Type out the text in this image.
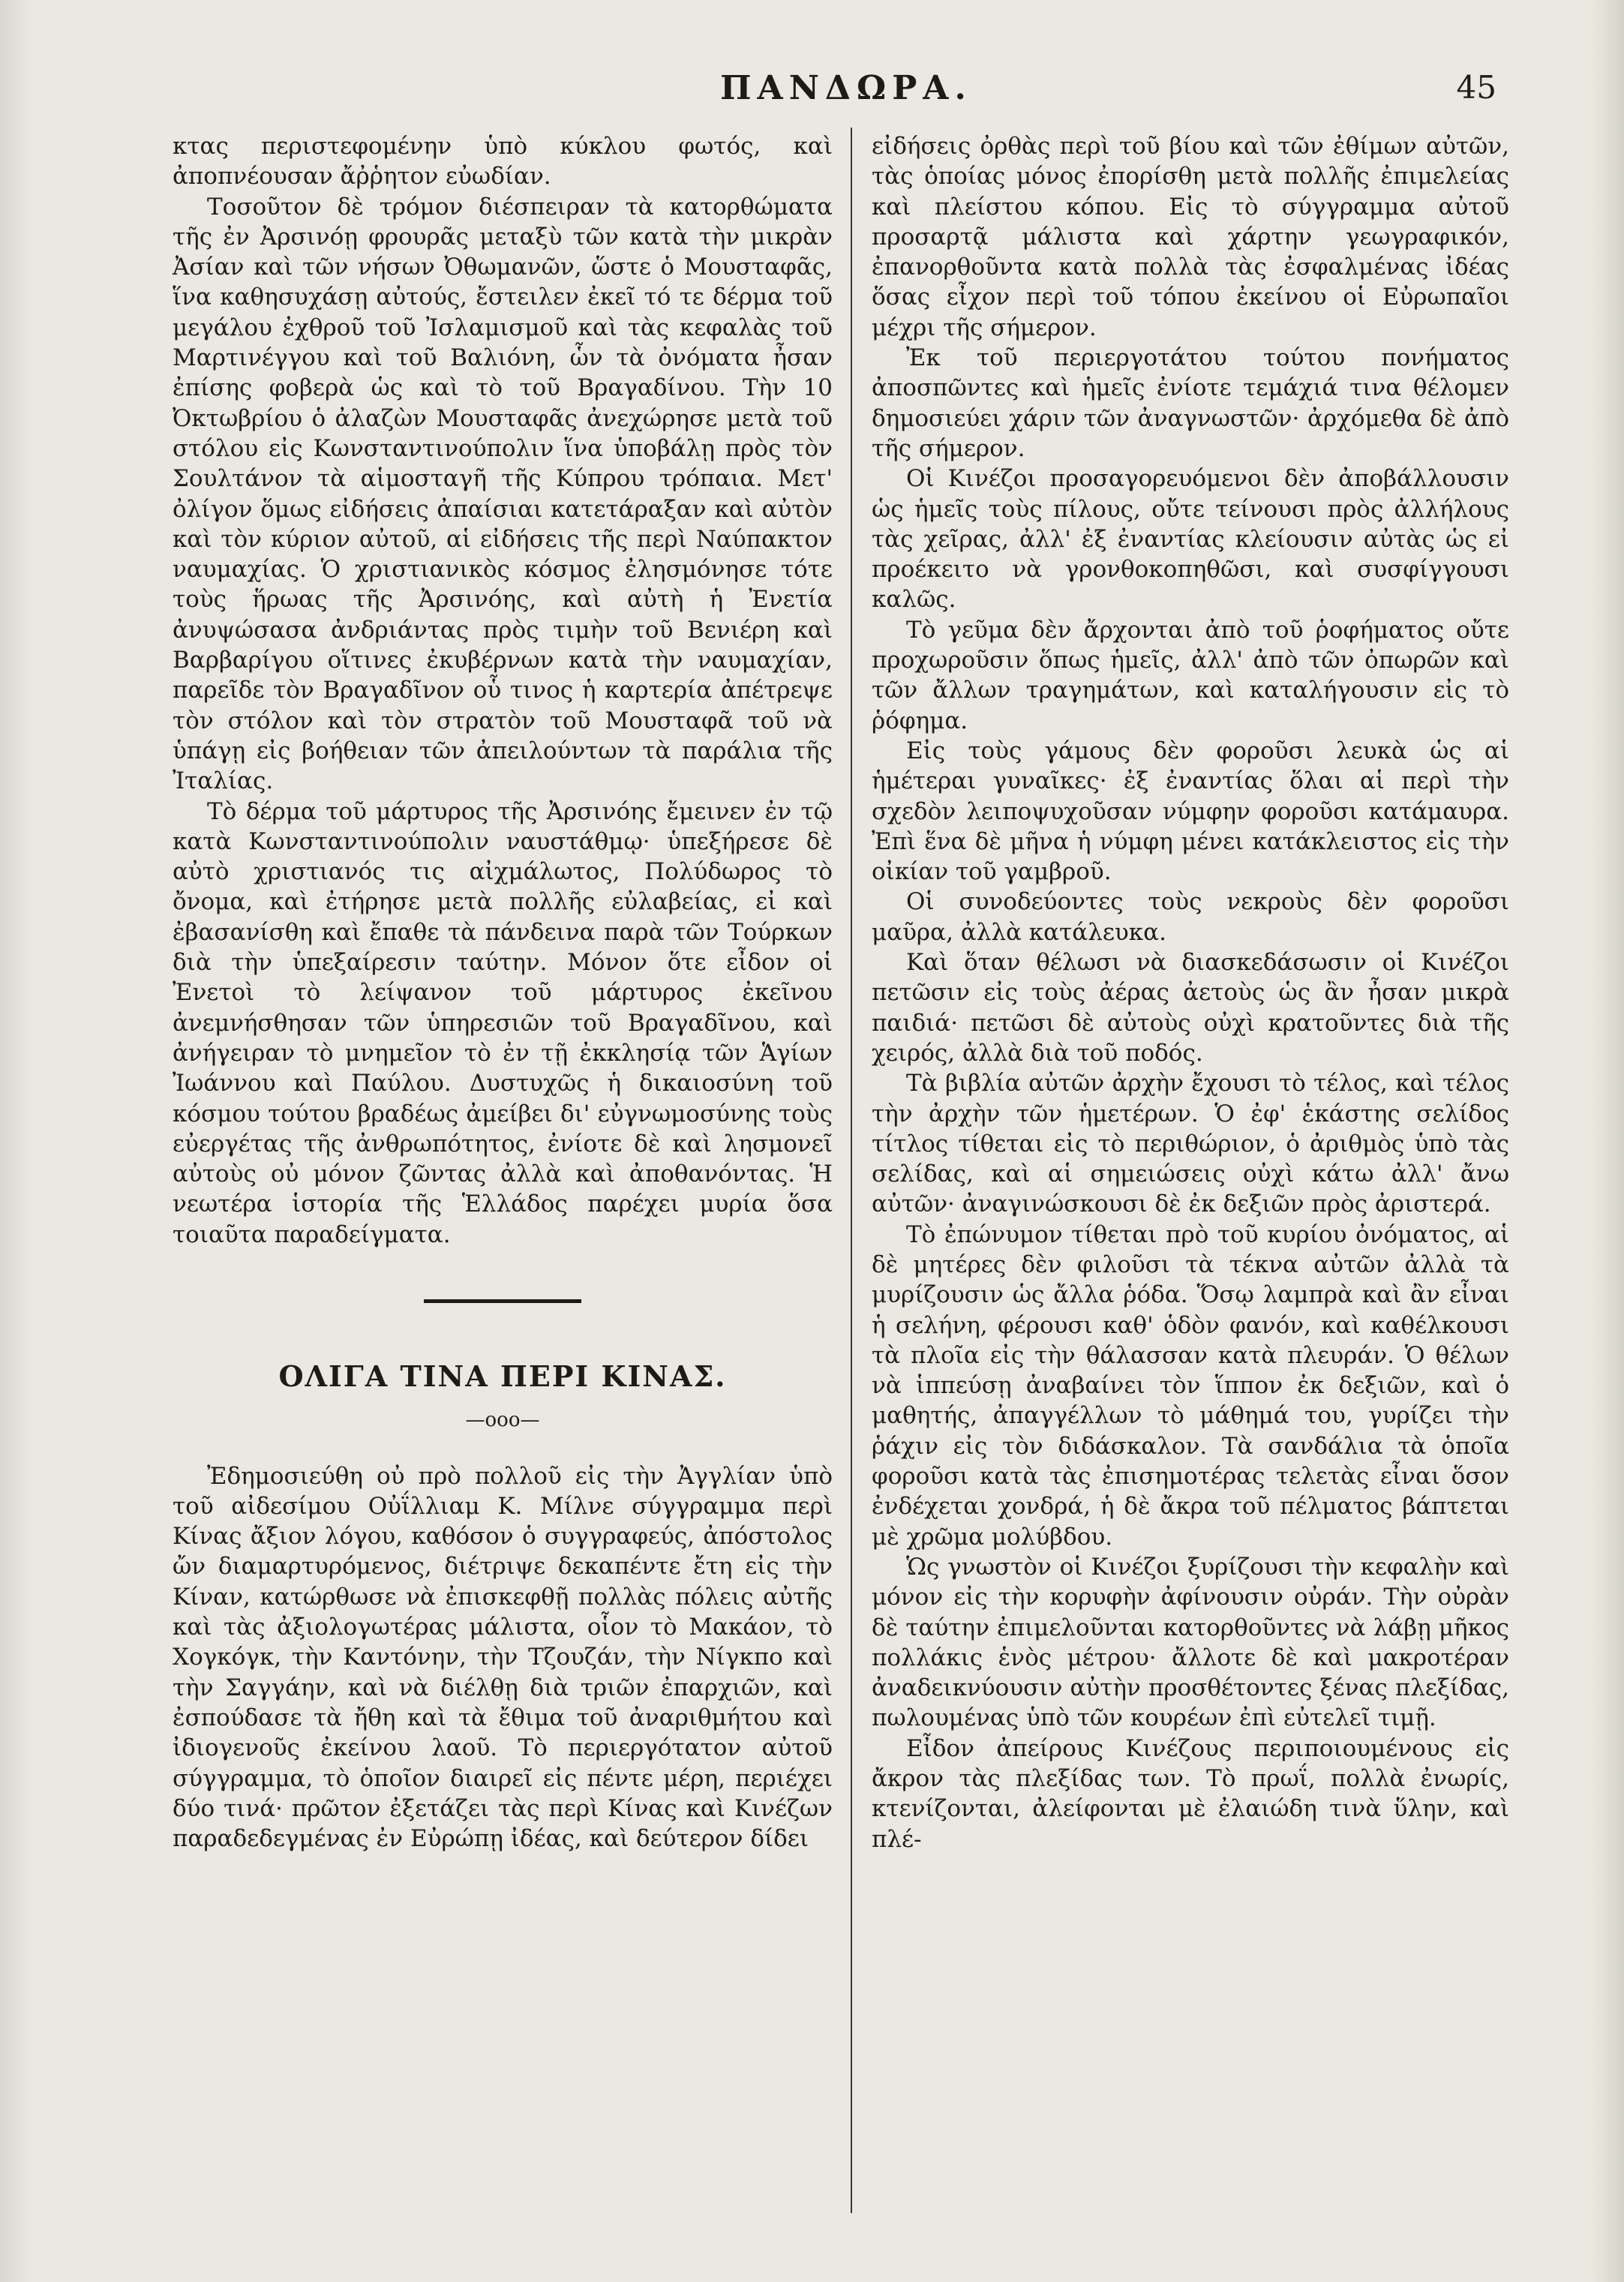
ΠΑΝΔΩΡΑ.	45

κτας περιστεφομένην ὑπὸ κύκλου φωτός, καὶ ἀποπνέουσαν ἄῤῥητον εὐωδίαν.

Τοσοῦτον δὲ τρόμον διέσπειραν τὰ κατορθώματα τῆς ἐν Ἀρσινόῃ φρουρᾶς μεταξὺ τῶν κατὰ τὴν μικρὰν Ἀσίαν καὶ τῶν νήσων Ὀθωμανῶν, ὥστε ὁ Μουσταφᾶς, ἵνα καθησυχάσῃ αὐτούς, ἔστειλεν ἐκεῖ τό τε δέρμα τοῦ μεγάλου ἐχθροῦ τοῦ Ἰσλαμισμοῦ καὶ τὰς κεφαλὰς τοῦ Μαρτινέγγου καὶ τοῦ Βαλιόνη, ὧν τὰ ὀνόματα ἦσαν ἐπίσης φοβερὰ ὡς καὶ τὸ τοῦ Βραγαδίνου. Τὴν 10 Ὀκτωβρίου ὁ ἀλαζὼν Μουσταφᾶς ἀνεχώρησε μετὰ τοῦ στόλου εἰς Κωνσταντινούπολιν ἵνα ὑποβάλῃ πρὸς τὸν Σουλτάνον τὰ αἱμοσταγῆ τῆς Κύπρου τρόπαια. Μετ' ὀλίγον ὅμως εἰδήσεις ἀπαίσιαι κατετάραξαν καὶ αὐτὸν καὶ τὸν κύριον αὐτοῦ, αἱ εἰδήσεις τῆς περὶ Ναύπακτον ναυμαχίας. Ὁ χριστιανικὸς κόσμος ἐλησμόνησε τότε τοὺς ἥρωας τῆς Ἀρσινόης, καὶ αὐτὴ ἡ Ἐνετία ἀνυψώσασα ἀνδριάντας πρὸς τιμὴν τοῦ Βενιέρη καὶ Βαρβαρίγου οἵτινες ἐκυβέρνων κατὰ τὴν ναυμαχίαν, παρεῖδε τὸν Βραγαδῖνον οὗ τινος ἡ καρτερία ἀπέτρεψε τὸν στόλον καὶ τὸν στρατὸν τοῦ Μουσταφᾶ τοῦ νὰ ὑπάγῃ εἰς βοήθειαν τῶν ἀπειλούντων τὰ παράλια τῆς Ἰταλίας.

Τὸ δέρμα τοῦ μάρτυρος τῆς Ἀρσινόης ἔμεινεν ἐν τῷ κατὰ Κωνσταντινούπολιν ναυστάθμῳ· ὑπεξήρεσε δὲ αὐτὸ χριστιανός τις αἰχμάλωτος, Πολύδωρος τὸ ὄνομα, καὶ ἐτήρησε μετὰ πολλῆς εὐλαβείας, εἰ καὶ ἐβασανίσθη καὶ ἔπαθε τὰ πάνδεινα παρὰ τῶν Τούρκων διὰ τὴν ὑπεξαίρεσιν ταύτην. Μόνον ὅτε εἶδον οἱ Ἐνετοὶ τὸ λείψανον τοῦ μάρτυρος ἐκεῖνου ἀνεμνήσθησαν τῶν ὑπηρεσιῶν τοῦ Βραγαδῖνου, καὶ ἀνήγειραν τὸ μνημεῖον τὸ ἐν τῇ ἐκκλησίᾳ τῶν Ἁγίων Ἰωάννου καὶ Παύλου. Δυστυχῶς ἡ δικαιοσύνη τοῦ κόσμου τούτου βραδέως ἀμείβει δι' εὐγνωμοσύνης τοὺς εὐεργέτας τῆς ἀνθρωπότητος, ἐνίοτε δὲ καὶ λησμονεῖ αὐτοὺς οὐ μόνον ζῶντας ἀλλὰ καὶ ἀποθανόντας. Ἡ νεωτέρα ἱστορία τῆς Ἑλλάδος παρέχει μυρία ὅσα τοιαῦτα παραδείγματα.

ΟΛΙΓΑ ΤΙΝΑ ΠΕΡΙ ΚΙΝΑΣ.
—οοο—

Ἐδημοσιεύθη οὐ πρὸ πολλοῦ εἰς τὴν Ἀγγλίαν ὑπὸ τοῦ αἰδεσίμου Οὐΐλλιαμ Κ. Μίλνε σύγγραμμα περὶ Κίνας ἄξιον λόγου, καθόσον ὁ συγγραφεύς, ἀπόστολος ὤν διαμαρτυρόμενος, διέτριψε δεκαπέντε ἔτη εἰς τὴν Κίναν, κατώρθωσε νὰ ἐπισκεφθῇ πολλὰς πόλεις αὐτῆς καὶ τὰς ἀξιολογωτέρας μάλιστα, οἷον τὸ Μακάον, τὸ Χογκόγκ, τὴν Καντόνην, τὴν Τζουζάν, τὴν Νίγκπο καὶ τὴν Σαγγάην, καὶ νὰ διέλθῃ διὰ τριῶν ἐπαρχιῶν, καὶ ἐσπούδασε τὰ ἤθη καὶ τὰ ἔθιμα τοῦ ἀναριθμήτου καὶ ἰδιογενοῦς ἐκείνου λαοῦ. Τὸ περιεργότατον αὐτοῦ σύγγραμμα, τὸ ὁποῖον διαιρεῖ εἰς πέντε μέρη, περιέχει δύο τινά· πρῶτον ἐξετάζει τὰς περὶ Κίνας καὶ Κινέζων παραδεδεγμένας ἐν Εὐρώπῃ ἰδέας, καὶ δεύτερον δίδει

εἰδήσεις ὀρθὰς περὶ τοῦ βίου καὶ τῶν ἐθίμων αὐτῶν, τὰς ὁποίας μόνος ἐπορίσθη μετὰ πολλῆς ἐπιμελείας καὶ πλείστου κόπου. Εἰς τὸ σύγγραμμα αὐτοῦ προσαρτᾷ μάλιστα καὶ χάρτην γεωγραφικόν, ἐπανορθοῦντα κατὰ πολλὰ τὰς ἐσφαλμένας ἰδέας ὅσας εἶχον περὶ τοῦ τόπου ἐκείνου οἱ Εὐρωπαῖοι μέχρι τῆς σήμερον.

Ἐκ τοῦ περιεργοτάτου τούτου πονήματος ἀποσπῶντες καὶ ἡμεῖς ἐνίοτε τεμάχιά τινα θέλομεν δημοσιεύει χάριν τῶν ἀναγνωστῶν· ἀρχόμεθα δὲ ἀπὸ τῆς σήμερον.

Οἱ Κινέζοι προσαγορευόμενοι δὲν ἀποβάλλουσιν ὡς ἡμεῖς τοὺς πίλους, οὔτε τείνουσι πρὸς ἀλλήλους τὰς χεῖρας, ἀλλ' ἐξ ἐναντίας κλείουσιν αὐτὰς ὡς εἰ προέκειτο νὰ γρονθοκοπηθῶσι, καὶ συσφίγγουσι καλῶς.

Τὸ γεῦμα δὲν ἄρχονται ἀπὸ τοῦ ῥοφήματος οὔτε προχωροῦσιν ὅπως ἡμεῖς, ἀλλ' ἀπὸ τῶν ὀπωρῶν καὶ τῶν ἄλλων τραγημάτων, καὶ καταλήγουσιν εἰς τὸ ῥόφημα.

Εἰς τοὺς γάμους δὲν φοροῦσι λευκὰ ὡς αἱ ἡμέτεραι γυναῖκες· ἐξ ἐναντίας ὅλαι αἱ περὶ τὴν σχεδὸν λειποψυχοῦσαν νύμφην φοροῦσι κατάμαυρα. Ἐπὶ ἕνα δὲ μῆνα ἡ νύμφη μένει κατάκλειστος εἰς τὴν οἰκίαν τοῦ γαμβροῦ.

Οἱ συνοδεύοντες τοὺς νεκροὺς δὲν φοροῦσι μαῦρα, ἀλλὰ κατάλευκα.

Καὶ ὅταν θέλωσι νὰ διασκεδάσωσιν οἱ Κινέζοι πετῶσιν εἰς τοὺς ἀέρας ἀετοὺς ὡς ἂν ἦσαν μικρὰ παιδιά· πετῶσι δὲ αὐτοὺς οὐχὶ κρατοῦντες διὰ τῆς χειρός, ἀλλὰ διὰ τοῦ ποδός.

Τὰ βιβλία αὐτῶν ἀρχὴν ἔχουσι τὸ τέλος, καὶ τέλος τὴν ἀρχὴν τῶν ἡμετέρων. Ὁ ἐφ' ἑκάστης σελίδος τίτλος τίθεται εἰς τὸ περιθώριον, ὁ ἀριθμὸς ὑπὸ τὰς σελίδας, καὶ αἱ σημειώσεις οὐχὶ κάτω ἀλλ' ἄνω αὐτῶν· ἀναγινώσκουσι δὲ ἐκ δεξιῶν πρὸς ἀριστερά.

Τὸ ἐπώνυμον τίθεται πρὸ τοῦ κυρίου ὀνόματος, αἱ δὲ μητέρες δὲν φιλοῦσι τὰ τέκνα αὐτῶν ἀλλὰ τὰ μυρίζουσιν ὡς ἄλλα ῥόδα. Ὅσῳ λαμπρὰ καὶ ἂν εἶναι ἡ σελήνη, φέρουσι καθ' ὁδὸν φανόν, καὶ καθέλκουσι τὰ πλοῖα εἰς τὴν θάλασσαν κατὰ πλευράν. Ὁ θέλων νὰ ἱππεύσῃ ἀναβαίνει τὸν ἵππον ἐκ δεξιῶν, καὶ ὁ μαθητής, ἀπαγγέλλων τὸ μάθημά του, γυρίζει τὴν ῥάχιν εἰς τὸν διδάσκαλον. Τὰ σανδάλια τὰ ὁποῖα φοροῦσι κατὰ τὰς ἐπισημοτέρας τελετὰς εἶναι ὅσον ἐνδέχεται χονδρά, ἡ δὲ ἄκρα τοῦ πέλματος βάπτεται μὲ χρῶμα μολύβδου.

Ὡς γνωστὸν οἱ Κινέζοι ξυρίζουσι τὴν κεφαλὴν καὶ μόνον εἰς τὴν κορυφὴν ἀφίνουσιν οὐράν. Τὴν οὐρὰν δὲ ταύτην ἐπιμελοῦνται κατορθοῦντες νὰ λάβῃ μῆκος πολλάκις ἑνὸς μέτρου· ἄλλοτε δὲ καὶ μακροτέραν ἀναδεικνύουσιν αὐτὴν προσθέτοντες ξένας πλεξίδας, πωλουμένας ὑπὸ τῶν κουρέων ἐπὶ εὐτελεῖ τιμῇ.

Εἶδον ἀπείρους Κινέζους περιποιουμένους εἰς ἄκρον τὰς πλεξίδας των. Τὸ πρωΐ, πολλὰ ἐνωρίς, κτενίζονται, ἀλείφονται μὲ ἐλαιώδη τινὰ ὕλην, καὶ πλέ-
